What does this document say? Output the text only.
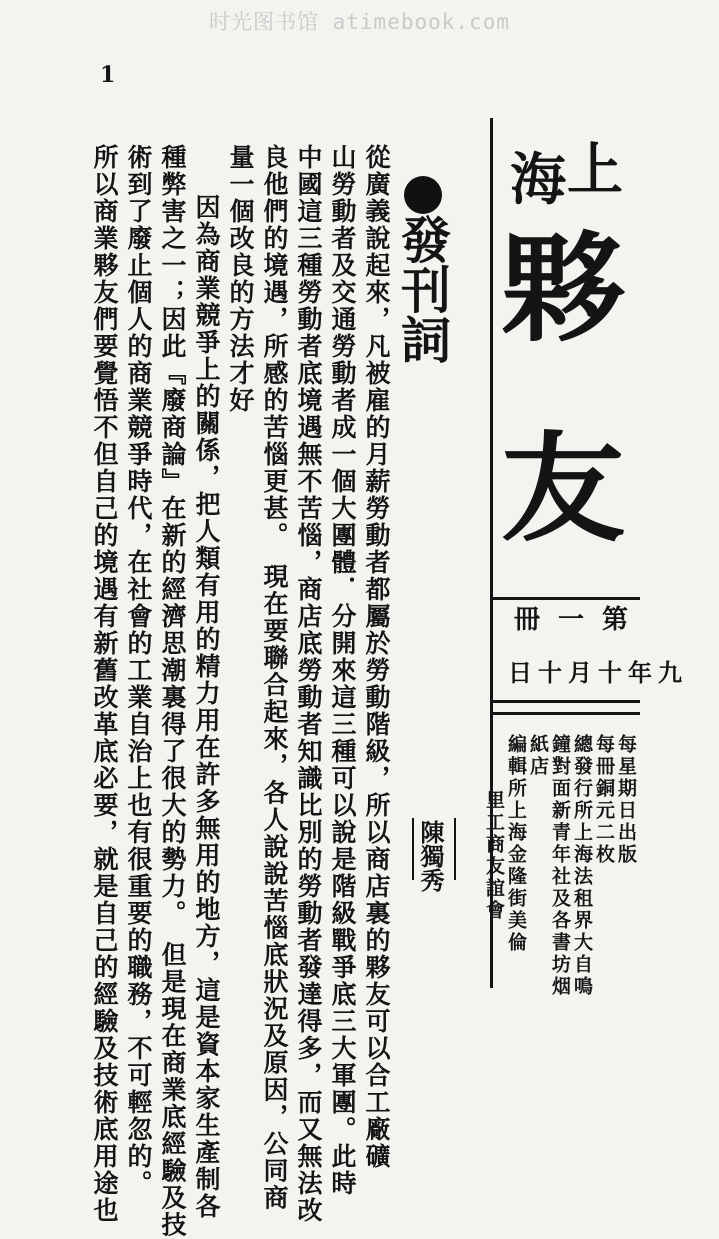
时光图书馆 atimebook.com
1
上
海
夥
友
第一冊
九年十月十日
每星期日出版
每冊銅元二枚
總發行所上海法租界大自鳴
鐘對面新青年社及各書坊烟
紙店
編輯所上海金隆街美倫
里工商友誼會
發刊詞
陳獨秀
從廣義說起來，凡被雇的月薪勞動者都屬於勞動階級，所以商店裏的夥友可以合工廠礦
山勞動者及交通勞動者成一個大團體．分開來這三種可以說是階級戰爭底三大軍團。此時
中國這三種勞動者底境遇無不苦惱，商店底勞動者知識比別的勞動者發達得多，而又無法改
良他們的境遇，所感的苦惱更甚。　現在要聯合起來，各人說說苦惱底狀況及原因，公同商
量一個改良的方法才好
因為商業競爭上的關係，把人類有用的精力用在許多無用的地方，這是資本家生產制各
種弊害之一；因此『廢商論』在新的經濟思潮裏得了很大的勢力。　但是現在商業底經驗及技
術到了廢止個人的商業競爭時代，在社會的工業自治上也有很重要的職務，不可輕忽的。
所以商業夥友們要覺悟不但自己的境遇有新舊改革底必要，就是自己的經驗及技術底用途也
